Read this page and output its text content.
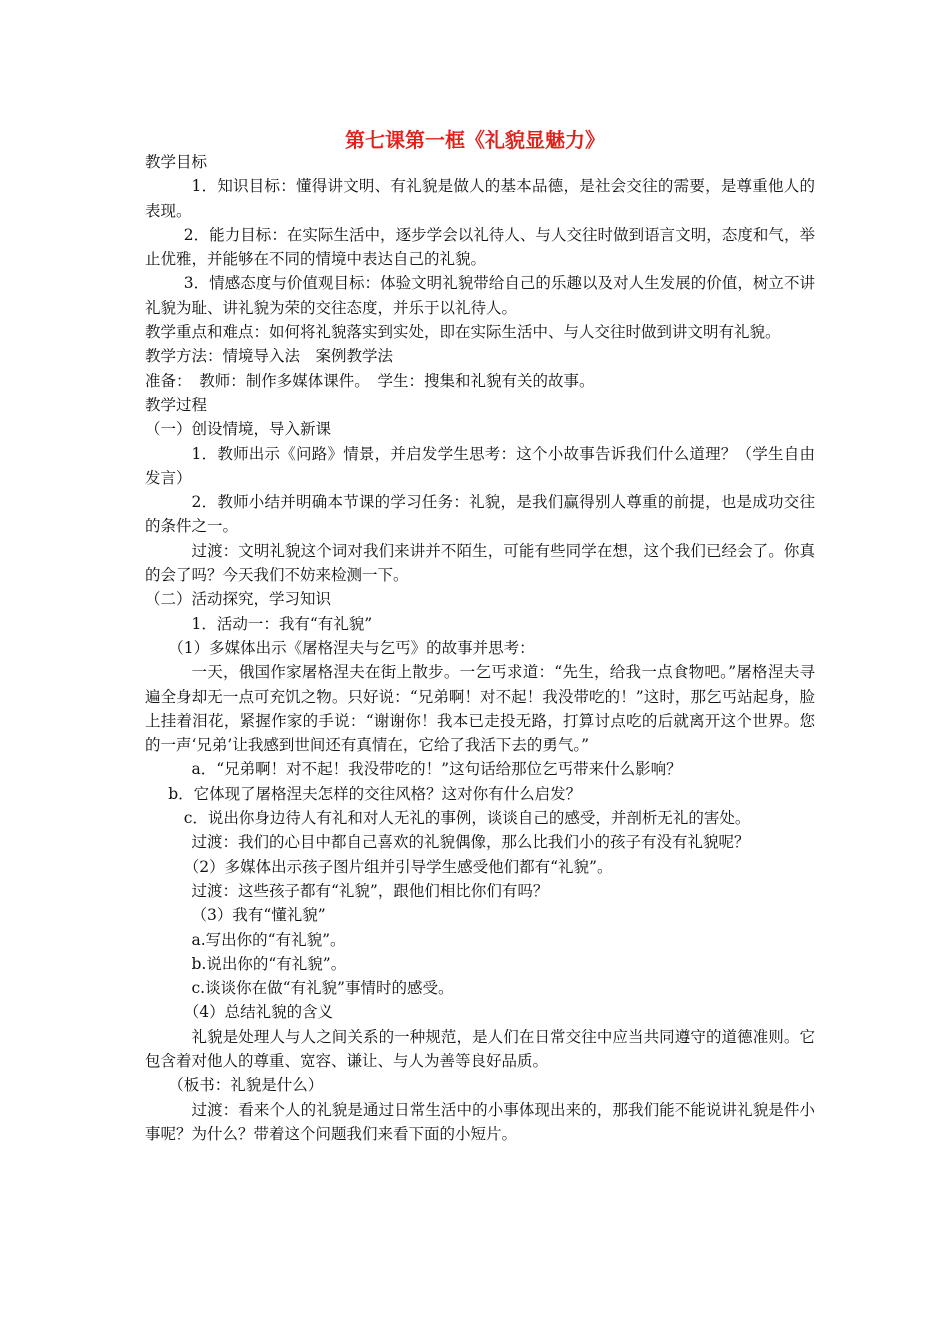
第七课第一框《礼貌显魅力》

教学目标

1．知识目标：懂得讲文明、有礼貌是做人的基本品德，是社会交往的需要，是尊重他人的表现。

2．能力目标：在实际生活中，逐步学会以礼待人、与人交往时做到语言文明，态度和气，举止优雅，并能够在不同的情境中表达自己的礼貌。

3．情感态度与价值观目标：体验文明礼貌带给自己的乐趣以及对人生发展的价值，树立不讲礼貌为耻、讲礼貌为荣的交往态度，并乐于以礼待人。

教学重点和难点：如何将礼貌落实到实处，即在实际生活中、与人交往时做到讲文明有礼貌。

教学方法：情境导入法　案例教学法

准备：　教师：制作多媒体课件。　学生：搜集和礼貌有关的故事。

教学过程

（一）创设情境，导入新课

1．教师出示《问路》情景，并启发学生思考：这个小故事告诉我们什么道理？（学生自由发言）

2．教师小结并明确本节课的学习任务：礼貌，是我们赢得别人尊重的前提，也是成功交往的条件之一。

过渡：文明礼貌这个词对我们来讲并不陌生，可能有些同学在想，这个我们已经会了。你真的会了吗？今天我们不妨来检测一下。

（二）活动探究，学习知识

1．活动一：我有“有礼貌”

（1）多媒体出示《屠格涅夫与乞丐》的故事并思考：

一天，俄国作家屠格涅夫在街上散步。一乞丐求道：“先生，给我一点食物吧。”屠格涅夫寻遍全身却无一点可充饥之物。只好说：“兄弟啊！对不起！我没带吃的！”这时，那乞丐站起身，脸上挂着泪花，紧握作家的手说：“谢谢你！我本已走投无路，打算讨点吃的后就离开这个世界。您的一声‘兄弟’让我感到世间还有真情在，它给了我活下去的勇气。”

a．“兄弟啊！对不起！我没带吃的！”这句话给那位乞丐带来什么影响？

b．它体现了屠格涅夫怎样的交往风格？这对你有什么启发？

c．说出你身边待人有礼和对人无礼的事例，谈谈自己的感受，并剖析无礼的害处。

过渡：我们的心目中都自己喜欢的礼貌偶像，那么比我们小的孩子有没有礼貌呢？

（2）多媒体出示孩子图片组并引导学生感受他们都有“礼貌”。

过渡：这些孩子都有“礼貌”，跟他们相比你们有吗？

（3）我有“懂礼貌”

a.写出你的“有礼貌”。

b.说出你的“有礼貌”。

c.谈谈你在做“有礼貌”事情时的感受。

（4）总结礼貌的含义

礼貌是处理人与人之间关系的一种规范，是人们在日常交往中应当共同遵守的道德准则。它包含着对他人的尊重、宽容、谦让、与人为善等良好品质。

（板书：礼貌是什么）

过渡：看来个人的礼貌是通过日常生活中的小事体现出来的，那我们能不能说讲礼貌是件小事呢？为什么？带着这个问题我们来看下面的小短片。
